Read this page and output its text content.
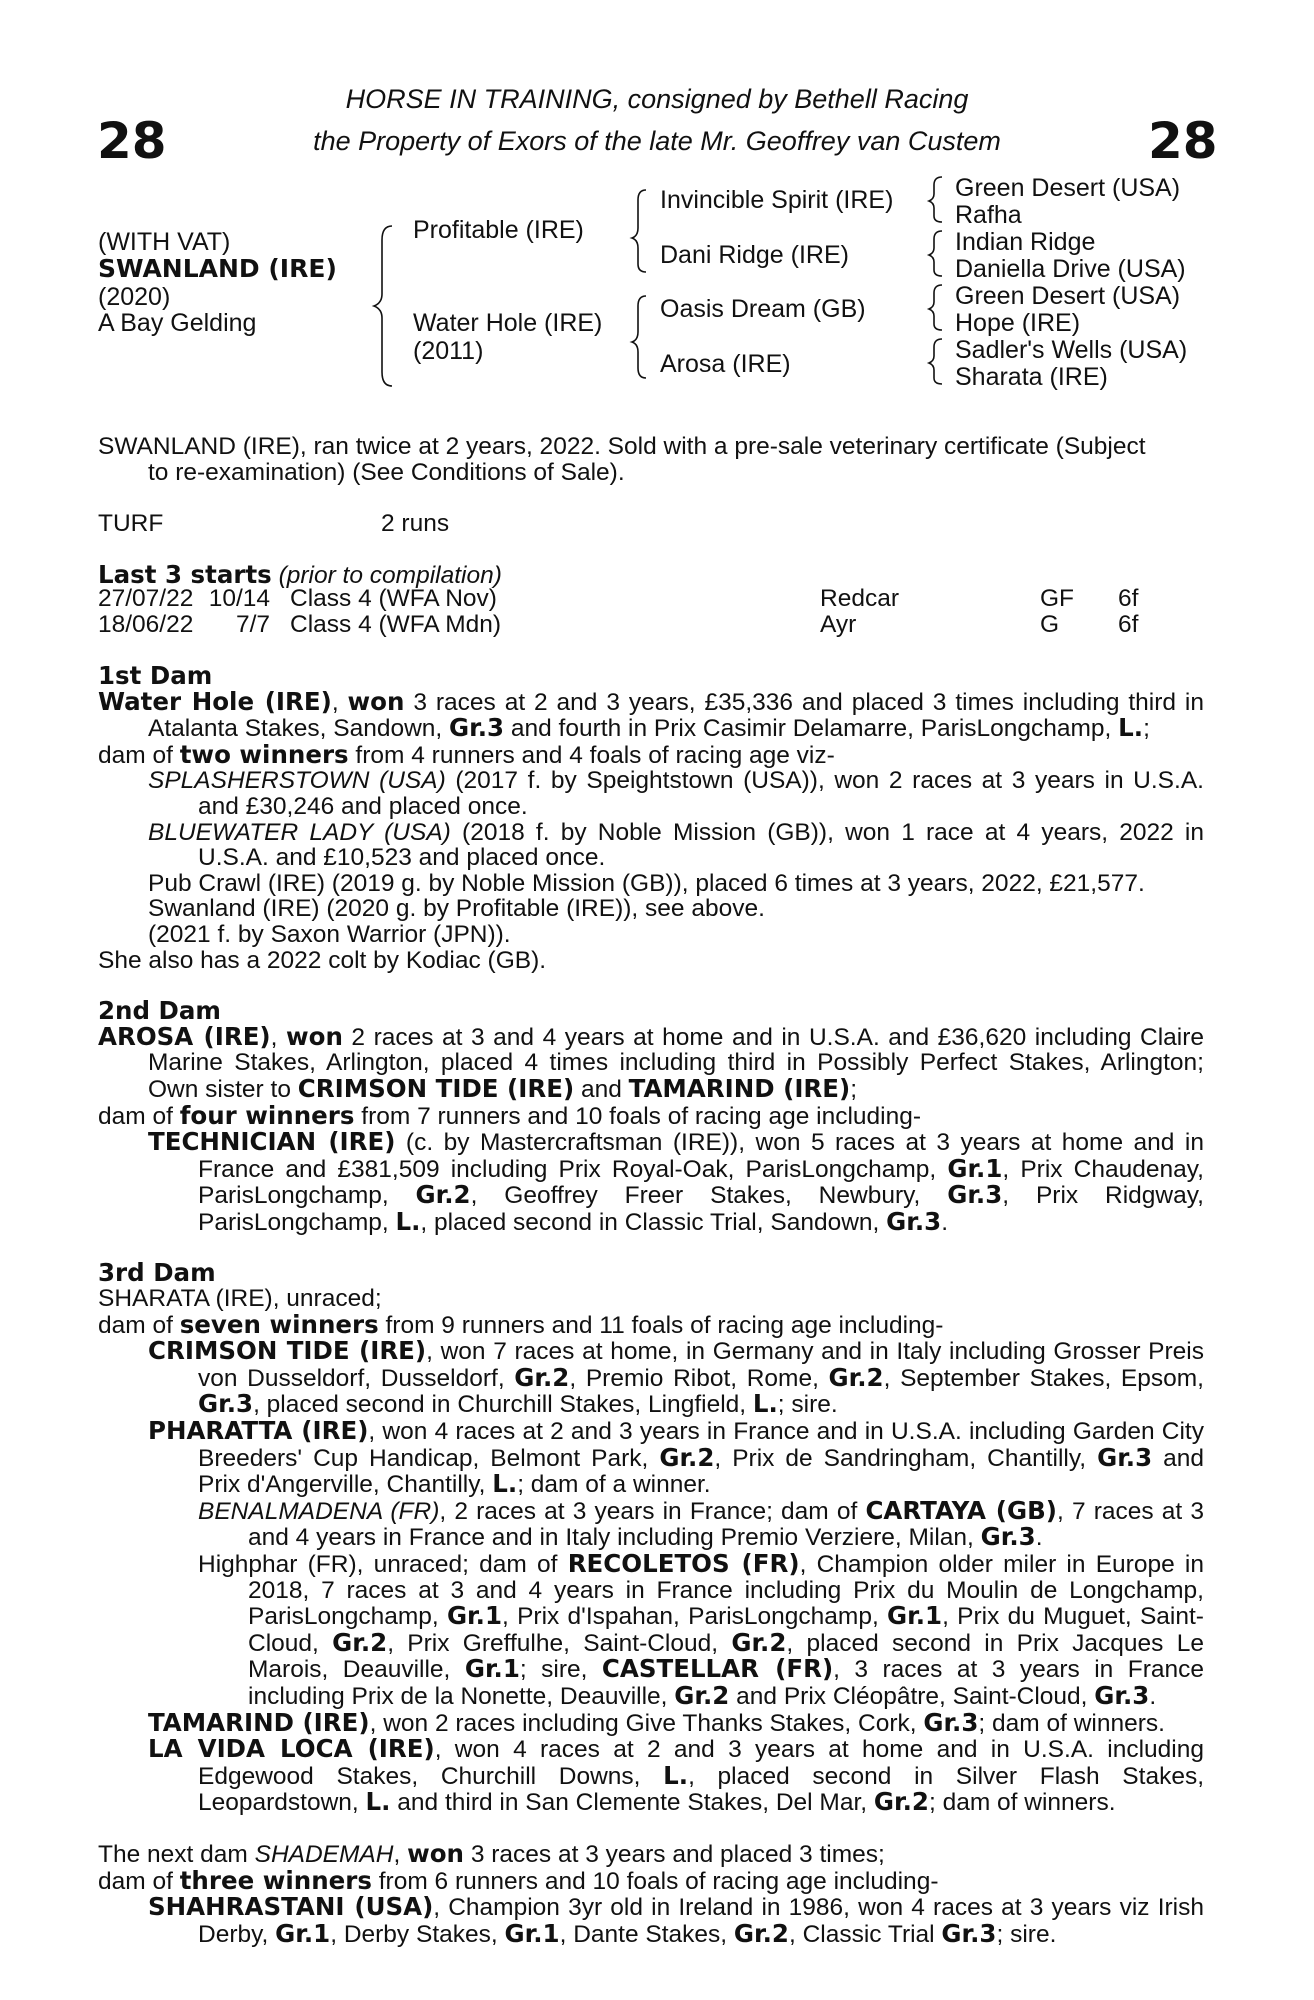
28	28
HORSE IN TRAINING, consigned by Bethell Racing
the Property of Exors of the late Mr. Geoffrey van Custem
(WITH VAT)
SWANLAND (IRE)
(2020)
A Bay Gelding
Profitable (IRE)
Water Hole (IRE)
(2011)
Invincible Spirit (IRE)
Dani Ridge (IRE)
Oasis Dream (GB)
Arosa (IRE)
Green Desert (USA)
Rafha
Indian Ridge
Daniella Drive (USA)
Green Desert (USA)
Hope (IRE)
Sadler's Wells (USA)
Sharata (IRE)

SWANLAND (IRE), ran twice at 2 years, 2022. Sold with a pre-sale veterinary certificate (Subject

to re-examination) (See Conditions of Sale).

TURF	2 runs
Last 3 starts (prior to compilation)
27/07/22 10/14 Class 4 (WFA Nov)	Redcar	GF 6f
18/06/22	7/7 Class 4 (WFA Mdn)	Ayr	G 6f

1st Dam

Water Hole (IRE), won 3 races at 2 and 3 years, £35,336 and placed 3 times including third in Atalanta Stakes, Sandown, Gr.3 and fourth in Prix Casimir Delamarre, ParisLongchamp, L.;

dam of two winners from 4 runners and 4 foals of racing age viz-

SPLASHERSTOWN (USA) (2017 f. by Speightstown (USA)), won 2 races at 3 years in U.S.A. and £30,246 and placed once.

BLUEWATER LADY (USA) (2018 f. by Noble Mission (GB)), won 1 race at 4 years, 2022 in U.S.A. and £10,523 and placed once.

Pub Crawl (IRE) (2019 g. by Noble Mission (GB)), placed 6 times at 3 years, 2022, £21,577.

Swanland (IRE) (2020 g. by Profitable (IRE)), see above.

(2021 f. by Saxon Warrior (JPN)).

She also has a 2022 colt by Kodiac (GB).

2nd Dam

AROSA (IRE), won 2 races at 3 and 4 years at home and in U.S.A. and £36,620 including Claire Marine Stakes, Arlington, placed 4 times including third in Possibly Perfect Stakes, Arlington; Own sister to CRIMSON TIDE (IRE) and TAMARIND (IRE);

dam of four winners from 7 runners and 10 foals of racing age including-

TECHNICIAN (IRE) (c. by Mastercraftsman (IRE)), won 5 races at 3 years at home and in France and £381,509 including Prix Royal-Oak, ParisLongchamp, Gr.1, Prix Chaudenay, ParisLongchamp, Gr.2, Geoffrey Freer Stakes, Newbury, Gr.3, Prix Ridgway, ParisLongchamp, L., placed second in Classic Trial, Sandown, Gr.3.

3rd Dam

SHARATA (IRE), unraced;

dam of seven winners from 9 runners and 11 foals of racing age including-

CRIMSON TIDE (IRE), won 7 races at home, in Germany and in Italy including Grosser Preis von Dusseldorf, Dusseldorf, Gr.2, Premio Ribot, Rome, Gr.2, September Stakes, Epsom, Gr.3, placed second in Churchill Stakes, Lingfield, L.; sire.

PHARATTA (IRE), won 4 races at 2 and 3 years in France and in U.S.A. including Garden City Breeders' Cup Handicap, Belmont Park, Gr.2, Prix de Sandringham, Chantilly, Gr.3 and Prix d'Angerville, Chantilly, L.; dam of a winner.

BENALMADENA (FR), 2 races at 3 years in France; dam of CARTAYA (GB), 7 races at 3 and 4 years in France and in Italy including Premio Verziere, Milan, Gr.3.

Highphar (FR), unraced; dam of RECOLETOS (FR), Champion older miler in Europe in 2018, 7 races at 3 and 4 years in France including Prix du Moulin de Longchamp, ParisLongchamp, Gr.1, Prix d'Ispahan, ParisLongchamp, Gr.1, Prix du Muguet, Saint-Cloud, Gr.2, Prix Greffulhe, Saint-Cloud, Gr.2, placed second in Prix Jacques Le Marois, Deauville, Gr.1; sire, CASTELLAR (FR), 3 races at 3 years in France including Prix de la Nonette, Deauville, Gr.2 and Prix Cléopâtre, Saint-Cloud, Gr.3.

TAMARIND (IRE), won 2 races including Give Thanks Stakes, Cork, Gr.3; dam of winners.

LA VIDA LOCA (IRE), won 4 races at 2 and 3 years at home and in U.S.A. including Edgewood Stakes, Churchill Downs, L., placed second in Silver Flash Stakes, Leopardstown, L. and third in San Clemente Stakes, Del Mar, Gr.2; dam of winners.

The next dam SHADEMAH, won 3 races at 3 years and placed 3 times;

dam of three winners from 6 runners and 10 foals of racing age including-

SHAHRASTANI (USA), Champion 3yr old in Ireland in 1986, won 4 races at 3 years viz Irish Derby, Gr.1, Derby Stakes, Gr.1, Dante Stakes, Gr.2, Classic Trial Gr.3; sire.
